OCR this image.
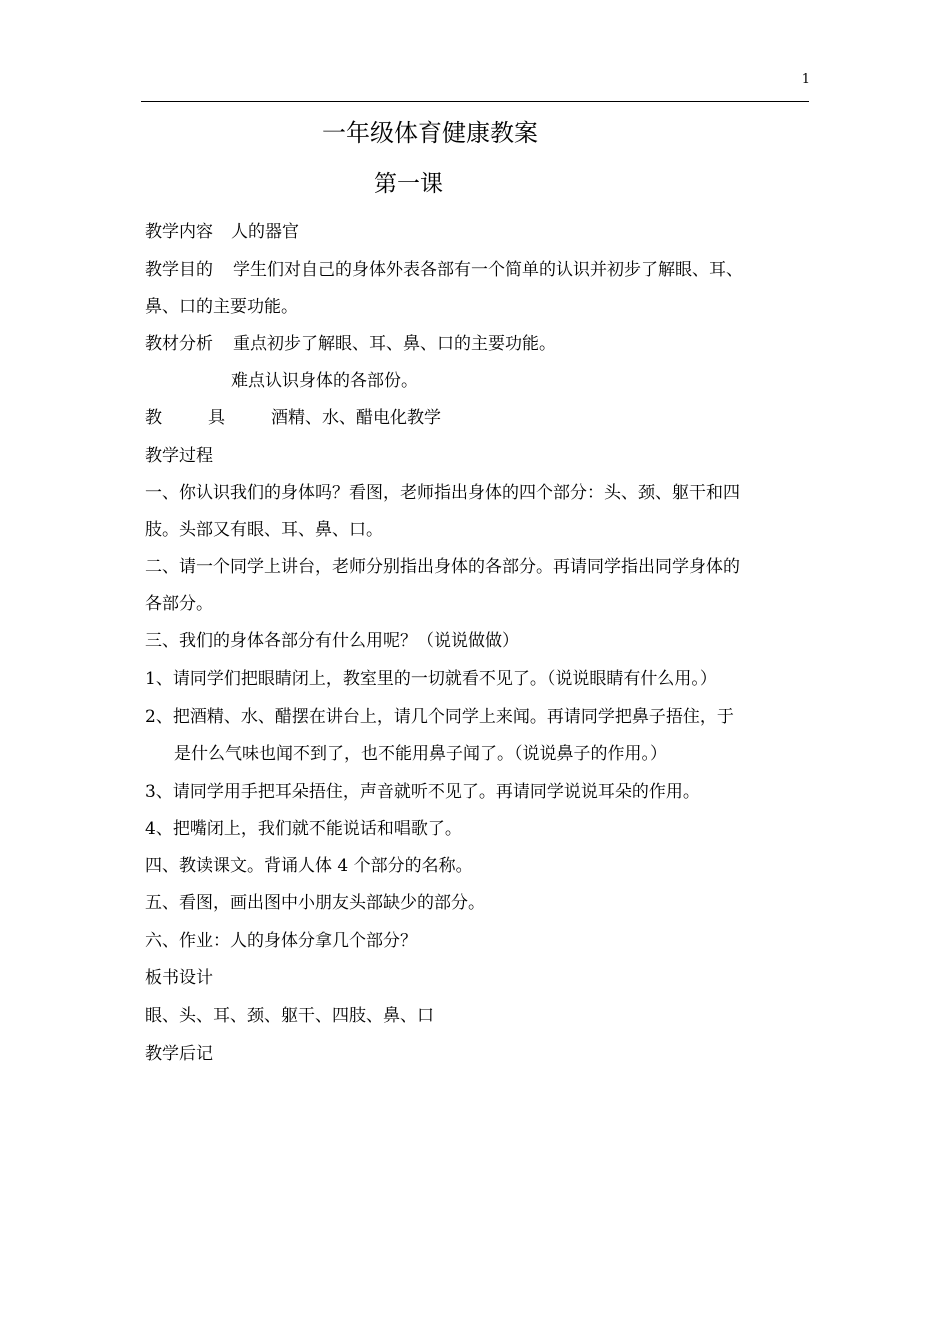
1
一年级体育健康教案
第一课
教学内容 人的器官
教学目的 学生们对自己的身体外表各部有一个简单的认识并初步了解眼、耳、
鼻、口的主要功能。
教材分析 重点初步了解眼、耳、鼻、口的主要功能。
难点认识身体的各部份。
教	具	酒精、水、醋电化教学
教学过程
一、你认识我们的身体吗？看图，老师指出身体的四个部分：头、颈、躯干和四
肢。头部又有眼、耳、鼻、口。
二、请一个同学上讲台，老师分别指出身体的各部分。再请同学指出同学身体的
各部分。
三、我们的身体各部分有什么用呢？（说说做做）
1、请同学们把眼睛闭上，教室里的一切就看不见了。（说说眼睛有什么用。）
2、把酒精、水、醋摆在讲台上，请几个同学上来闻。再请同学把鼻子捂住，于
是什么气味也闻不到了，也不能用鼻子闻了。（说说鼻子的作用。）
3、请同学用手把耳朵捂住，声音就听不见了。再请同学说说耳朵的作用。
4、把嘴闭上，我们就不能说话和唱歌了。
四、教读课文。背诵人体 4 个部分的名称。
五、看图，画出图中小朋友头部缺少的部分。
六、作业：人的身体分拿几个部分？
板书设计
眼、头、耳、颈、躯干、四肢、鼻、口
教学后记
